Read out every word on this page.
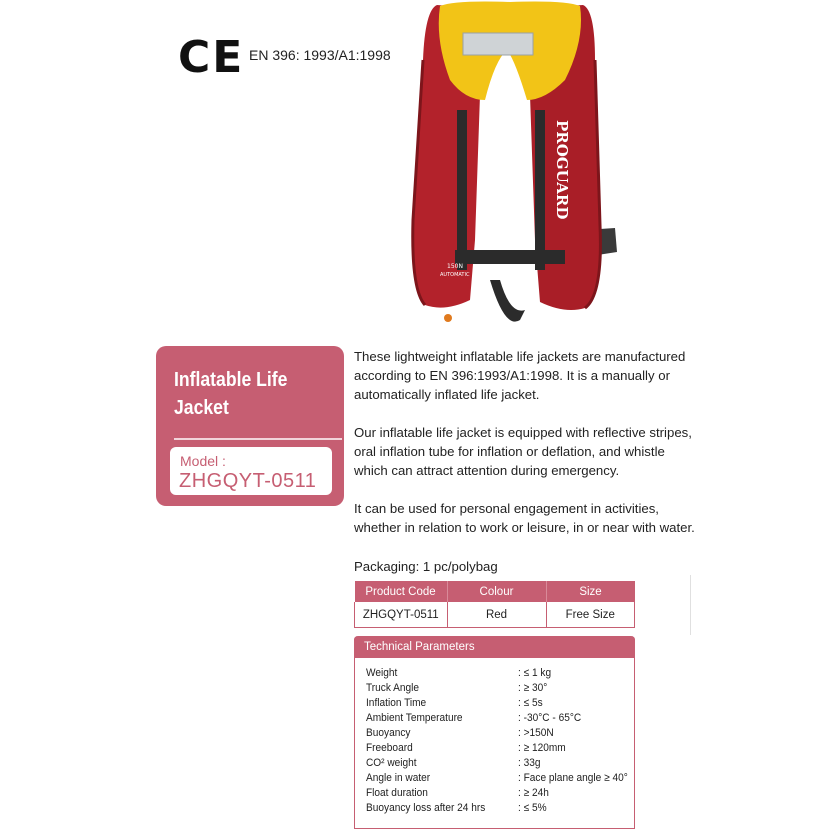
CE EN 396: 1993/A1:1998
PROGUARD
150N
AUTOMATIC
Inflatable Life Jacket
Model :
ZHGQYT-0511

These lightweight inflatable life jackets are manufactured according to EN 396:1993/A1:1998. It is a manually or automatically inflated life jacket.

Our inflatable life jacket is equipped with reflective stripes, oral inflation tube for inflation or deflation, and whistle which can attract attention during emergency.

It can be used for personal engagement in activities, whether in relation to work or leisure, in or near with water.

Packaging: 1 pc/polybag
Product Code	Colour	Size
ZHGQYT-0511	Red	Free Size
Technical Parameters
Weight	: ≤ 1 kg
Truck Angle	: ≥ 30°
Inflation Time	: ≤ 5s
Ambient Temperature	: -30°C - 65°C
Buoyancy	: >150N
Freeboard	: ≥ 120mm
CO² weight	: 33g
Angle in water	: Face plane angle ≥ 40°
Float duration	: ≥ 24h
Buoyancy loss after 24 hrs	: ≤ 5%
